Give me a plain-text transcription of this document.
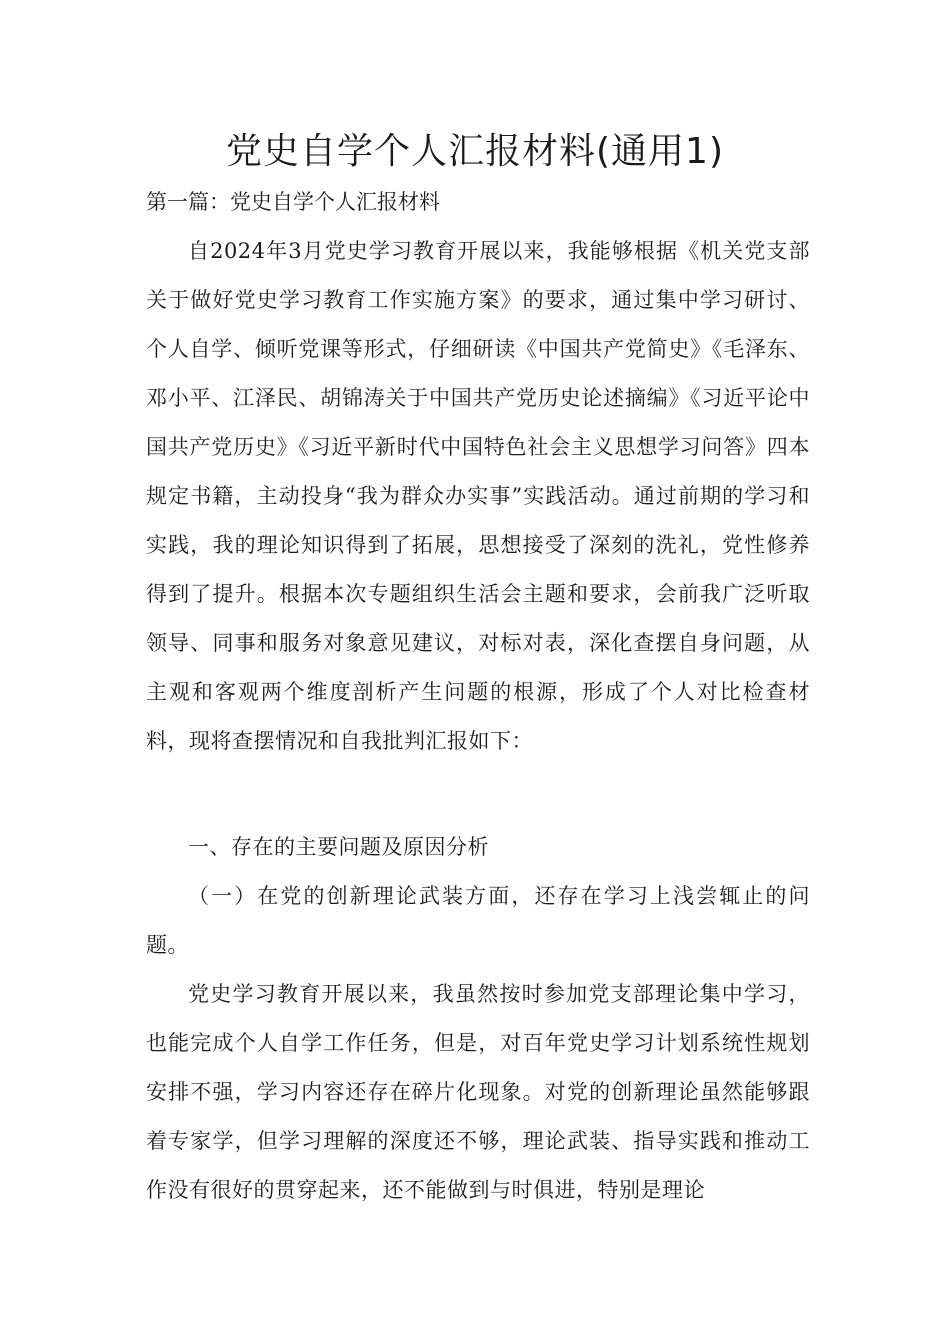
党史自学个人汇报材料(通用1)

第一篇：党史自学个人汇报材料

自2024年3月党史学习教育开展以来，我能够根据《机关党支部关于做好党史学习教育工作实施方案》的要求，通过集中学习研讨、个人自学、倾听党课等形式，仔细研读《中国共产党简史》《毛泽东、邓小平、江泽民、胡锦涛关于中国共产党历史论述摘编》《习近平论中国共产党历史》《习近平新时代中国特色社会主义思想学习问答》四本规定书籍，主动投身“我为群众办实事”实践活动。通过前期的学习和实践，我的理论知识得到了拓展，思想接受了深刻的洗礼，党性修养得到了提升。根据本次专题组织生活会主题和要求，会前我广泛听取领导、同事和服务对象意见建议，对标对表，深化查摆自身问题，从主观和客观两个维度剖析产生问题的根源，形成了个人对比检查材料，现将查摆情况和自我批判汇报如下：

一、存在的主要问题及原因分析

（一）在党的创新理论武装方面，还存在学习上浅尝辄止的问题。

党史学习教育开展以来，我虽然按时参加党支部理论集中学习，也能完成个人自学工作任务，但是，对百年党史学习计划系统性规划安排不强，学习内容还存在碎片化现象。对党的创新理论虽然能够跟着专家学，但学习理解的深度还不够，理论武装、指导实践和推动工作没有很好的贯穿起来，还不能做到与时俱进，特别是理论
